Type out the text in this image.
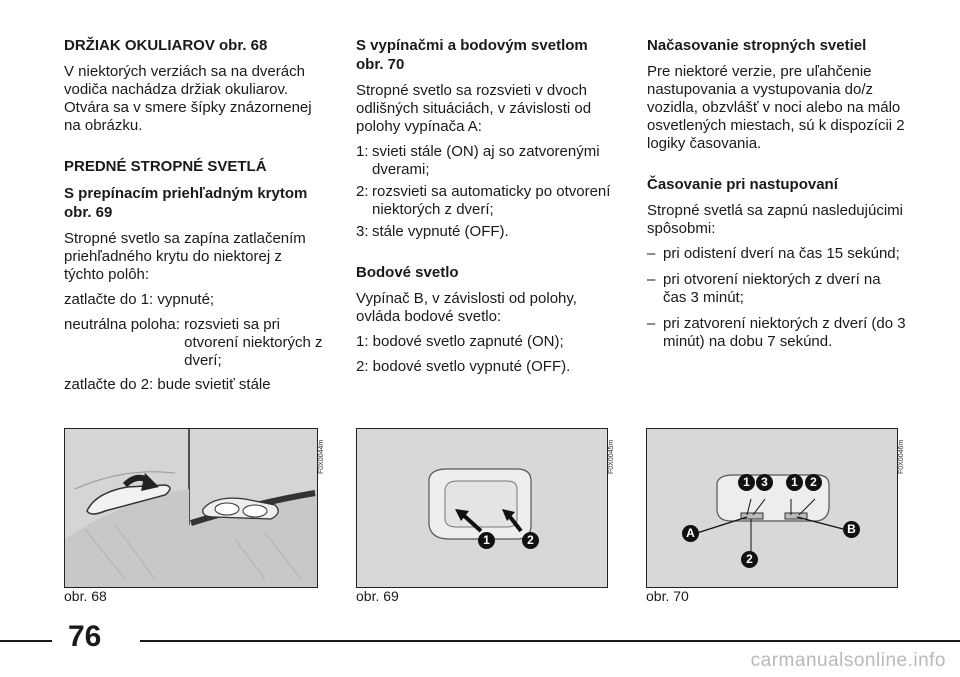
DRŽIAK OKULIAROV obr. 68

V niektorých verziách sa na dverách vodiča nachádza držiak okuliarov. Otvára sa v smere šípky znázornenej na obrázku.

PREDNÉ STROPNÉ SVETLÁ
S prepínacím priehľadným krytom obr. 69

Stropné svetlo sa zapína zatlačením priehľadného krytu do niektorej z týchto polôh:

zatlačte do 1: vypnuté;

neutrálna poloha:
rozsvieti sa pri otvorení niektorých z dverí;

zatlačte do 2: bude svietiť stále

S vypínačmi a bodovým svetlom obr. 70

Stropné svetlo sa rozsvieti v dvoch odlišných situáciách, v závislosti od polohy vypínača A:

1: svieti stále (ON) aj so zatvorenými dverami;
2: rozsvieti sa automaticky po otvorení niektorých z dverí;
3: stále vypnuté (OFF).
Bodové svetlo

Vypínač B, v závislosti od polohy, ovláda bodové svetlo:

1: bodové svetlo zapnuté (ON);

2: bodové svetlo vypnuté (OFF).

Načasovanie stropných svetiel

Pre niektoré verzie, pre uľahčenie nastupovania a vystupovania do/z vozidla, obzvlášť v noci alebo na málo osvetlených miestach, sú k dispozícii 2 logiky časovania.

Časovanie pri nastupovaní

Stropné svetlá sa zapnú nasledujúcimi spôsobmi:

– pri odistení dverí na čas 15 sekúnd;
– pri otvorení niektorých z dverí na čas 3 minút;
– pri zatvorení niektorých z dverí (do 3 minút) na dobu 7 sekúnd.
F0X0044m
obr. 68
1	2
F0X0045m
obr. 69
1 3	1	2
A	B
2
F0X0046m
obr. 70
76
carmanualsonline.info
